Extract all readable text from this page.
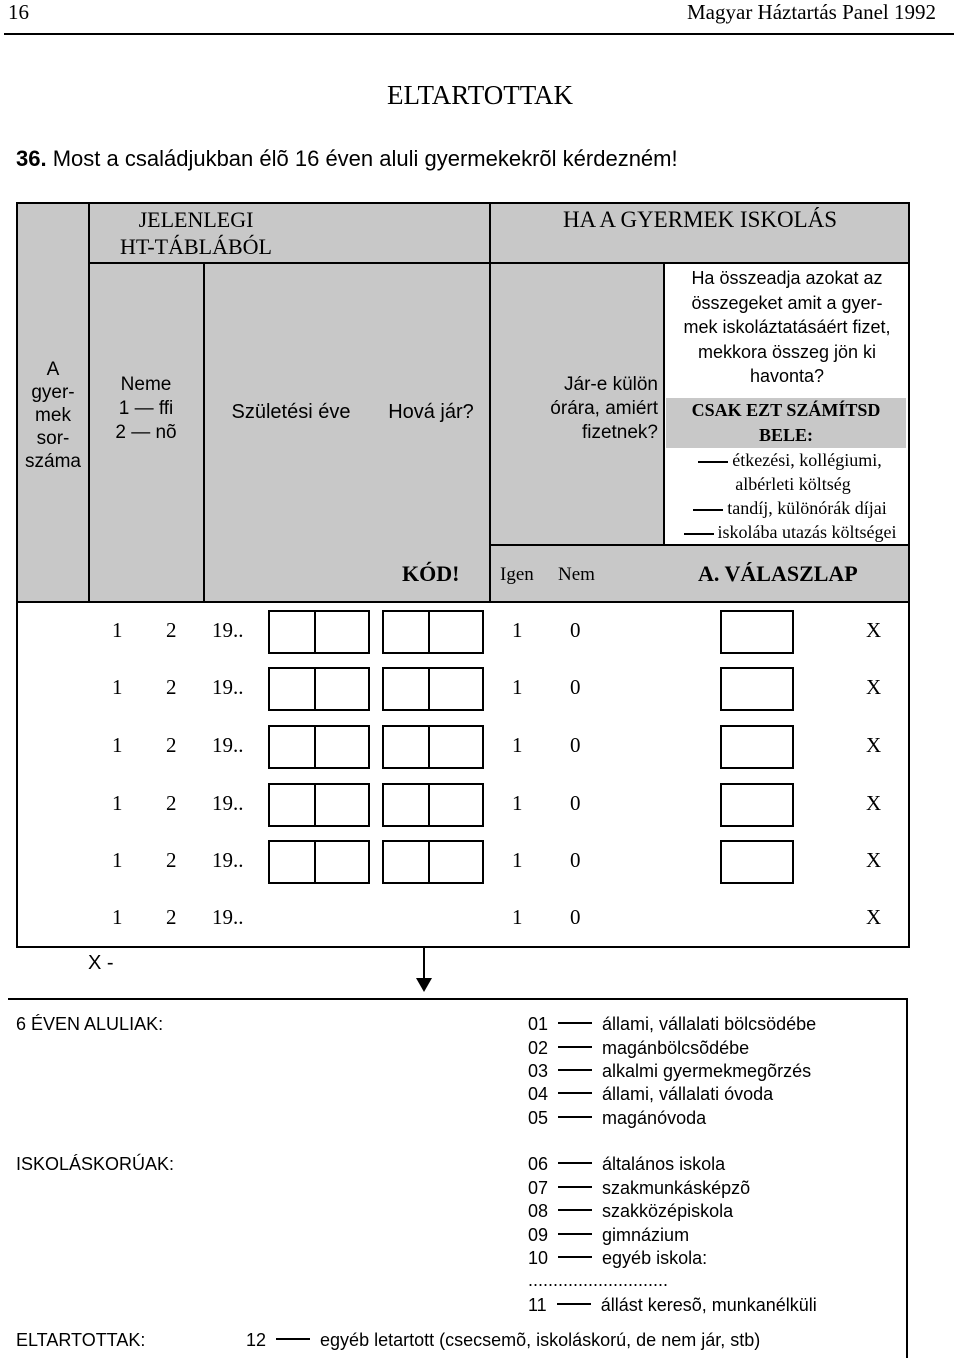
16	Magyar Háztartás Panel 1992
ELTARTOTTAK
36. Most a családjukban élõ 16 éven aluli gyermekekrõl kérdezném!
A
gyer-
mek
sor-
száma
JELENLEGI
HT-TÁBLÁBÓL
Neme
1 — ffi
2 — nõ
Születési éve	Hová jár?
HA A GYERMEK ISKOLÁS
Jár-e külön
órára, amiért
fizetnek?
Ha összeadja azokat az
összegeket amit a gyer-
mek iskoláztatásáért fizet,
mekkora összeg jön ki
havonta?
CSAK EZT SZÁMÍTSD
BELE:
étkezési, kollégiumi,
albérleti költség
tandíj, különórák díjai
iskolába utazás költségei
KÓD! Igen Nem	A. VÁLASZLAP
1 2 19..	1 0	X
1 2 19..	1 0	X
1 2 19..	1 0	X
1 2 19..	1 0	X
1 2 19..	1 0	X
1 2 19..	1 0	X
X -
6 ÉVEN ALULIAK:
ISKOLÁSKORÚAK:
ELTARTOTTAK:
01	állami, vállalati bölcsödébe
02	magánbölcsõdébe
03	alkalmi gyermekmegõrzés
04	állami, vállalati óvoda
05	magánóvoda
06	általános iskola
07	szakmunkásképzõ
08	szakközépiskola
09	gimnázium
10	egyéb iskola:
............................
11	állást keresõ, munkanélküli
12	egyéb letartott (csecsemõ, iskoláskorú, de nem jár, stb)
